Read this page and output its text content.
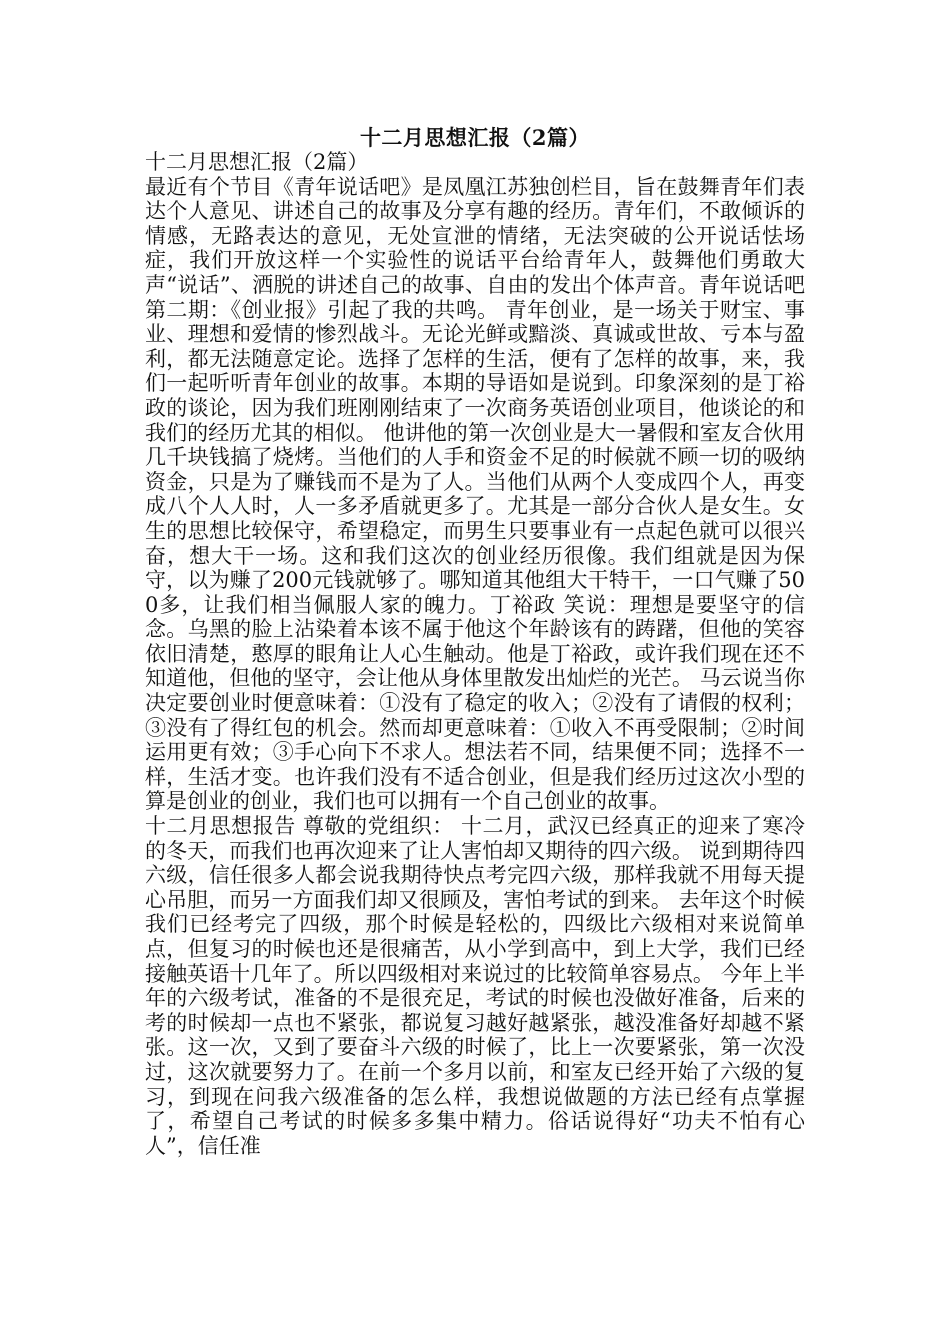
十二月思想汇报（2篇）

十二月思想汇报（2篇）

最近有个节目《青年说话吧》是凤凰江苏独创栏目，旨在鼓舞青年们表达个人意见、讲述自己的故事及分享有趣的经历。青年们，不敢倾诉的情感，无路表达的意见，无处宣泄的情绪，无法突破的公开说话怯场症，我们开放这样一个实验性的说话平台给青年人，鼓舞他们勇敢大声“说话”、洒脱的讲述自己的故事、自由的发出个体声音。青年说话吧第二期：《创业报》引起了我的共鸣。 青年创业，是一场关于财宝、事业、理想和爱情的惨烈战斗。无论光鲜或黯淡、真诚或世故、亏本与盈利，都无法随意定论。选择了怎样的生活，便有了怎样的故事，来，我们一起听听青年创业的故事。本期的导语如是说到。印象深刻的是丁裕政的谈论，因为我们班刚刚结束了一次商务英语创业项目，他谈论的和我们的经历尤其的相似。 他讲他的第一次创业是大一暑假和室友合伙用几千块钱搞了烧烤。当他们的人手和资金不足的时候就不顾一切的吸纳资金，只是为了赚钱而不是为了人。当他们从两个人变成四个人，再变成八个人人时，人一多矛盾就更多了。尤其是一部分合伙人是女生。女生的思想比较保守，希望稳定，而男生只要事业有一点起色就可以很兴奋，想大干一场。这和我们这次的创业经历很像。我们组就是因为保守，以为赚了200元钱就够了。哪知道其他组大干特干，一口气赚了500多，让我们相当佩服人家的魄力。丁裕政 笑说：理想是要坚守的信念。乌黑的脸上沾染着本该不属于他这个年龄该有的踌躇，但他的笑容依旧清楚，憨厚的眼角让人心生触动。他是丁裕政，或许我们现在还不知道他，但他的坚守，会让他从身体里散发出灿烂的光芒。 马云说当你决定要创业时便意味着：①没有了稳定的收入；②没有了请假的权利；③没有了得红包的机会。然而却更意味着：①收入不再受限制；②时间运用更有效；③手心向下不求人。想法若不同，结果便不同；选择不一样，生活才变。也许我们没有不适合创业，但是我们经历过这次小型的算是创业的创业，我们也可以拥有一个自己创业的故事。

十二月思想报告 尊敬的党组织： 十二月，武汉已经真正的迎来了寒冷的冬天，而我们也再次迎来了让人害怕却又期待的四六级。 说到期待四六级，信任很多人都会说我期待快点考完四六级，那样我就不用每天提心吊胆，而另一方面我们却又很顾及，害怕考试的到来。 去年这个时候我们已经考完了四级，那个时候是轻松的，四级比六级相对来说简单点，但复习的时候也还是很痛苦，从小学到高中，到上大学，我们已经接触英语十几年了。所以四级相对来说过的比较简单容易点。 今年上半年的六级考试，准备的不是很充足，考试的时候也没做好准备，后来的考的时候却一点也不紧张，都说复习越好越紧张，越没准备好却越不紧张。这一次，又到了要奋斗六级的时候了，比上一次要紧张，第一次没过，这次就要努力了。在前一个多月以前，和室友已经开始了六级的复习，到现在问我六级准备的怎么样，我想说做题的方法已经有点掌握了，希望自己考试的时候多多集中精力。俗话说得好“功夫不怕有心人”，信任准
